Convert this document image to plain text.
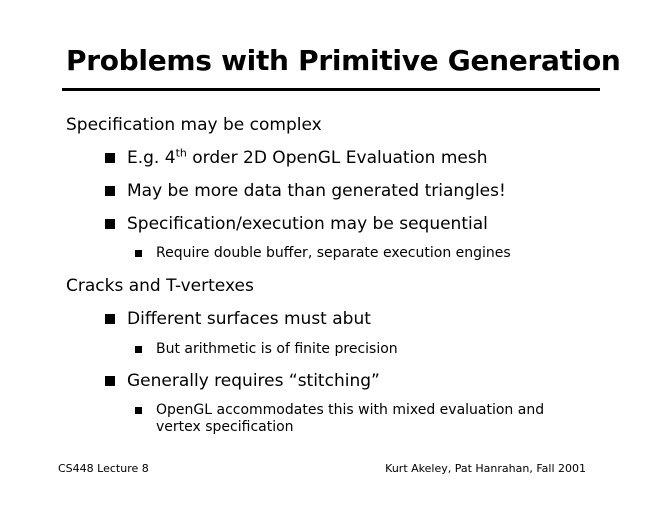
Problems with Primitive Generation
Specification may be complex
E.g. 4th order 2D OpenGL Evaluation mesh
May be more data than generated triangles!
Specification/execution may be sequential
Require double buffer, separate execution engines
Cracks and T-vertexes
Different surfaces must abut
But arithmetic is of finite precision
Generally requires “stitching”
OpenGL accommodates this with mixed evaluation and
vertex specification
CS448 Lecture 8	Kurt Akeley, Pat Hanrahan, Fall 2001
